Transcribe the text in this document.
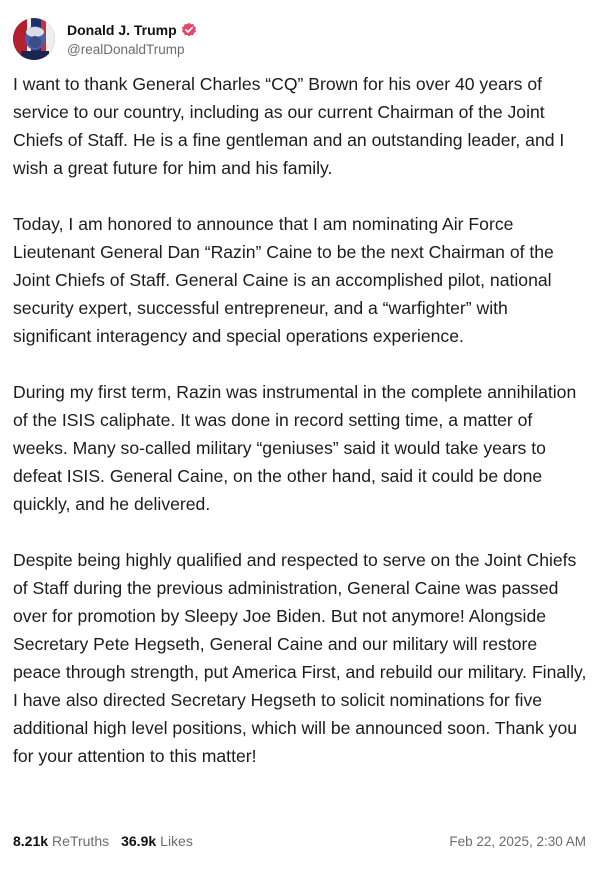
Donald J. Trump
@realDonaldTrump

I want to thank General Charles “CQ” Brown for his over 40 years of service to our country, including as our current Chairman of the Joint Chiefs of Staff. He is a fine gentleman and an outstanding leader, and I wish a great future for him and his family.

Today, I am honored to announce that I am nominating Air Force Lieutenant General Dan “Razin” Caine to be the next Chairman of the Joint Chiefs of Staff. General Caine is an accomplished pilot, national security expert, successful entrepreneur, and a “warfighter” with significant interagency and special operations experience.

During my first term, Razin was instrumental in the complete annihilation of the ISIS caliphate. It was done in record setting time, a matter of weeks. Many so-called military “geniuses” said it would take years to defeat ISIS. General Caine, on the other hand, said it could be done quickly, and he delivered.

Despite being highly qualified and respected to serve on the Joint Chiefs of Staff during the previous administration, General Caine was passed over for promotion by Sleepy Joe Biden. But not anymore! Alongside Secretary Pete Hegseth, General Caine and our military will restore peace through strength, put America First, and rebuild our military. Finally, I have also directed Secretary Hegseth to solicit nominations for five additional high level positions, which will be announced soon. Thank you for your attention to this matter!

8.21k ReTruths 36.9k Likes	Feb 22, 2025, 2:30 AM
